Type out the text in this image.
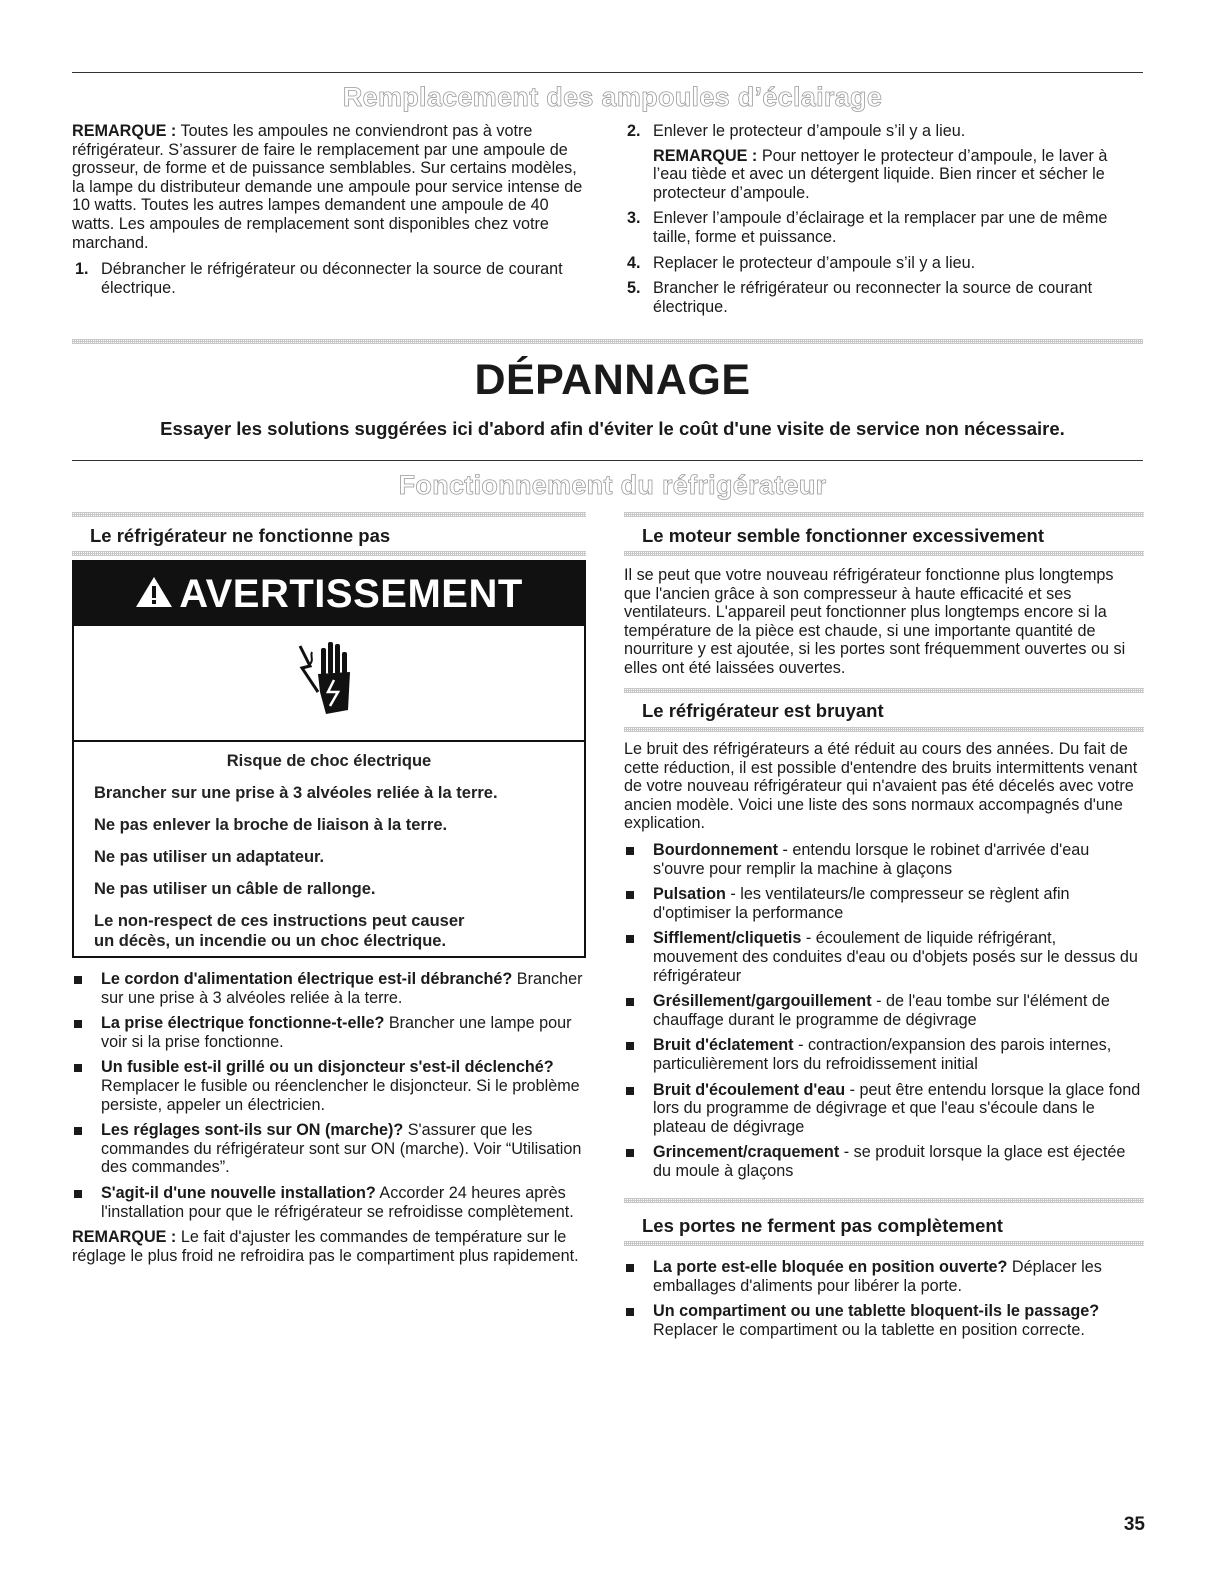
Remplacement des ampoules d’éclairage

REMARQUE : Toutes les ampoules ne conviendront pas à votre réfrigérateur. S’assurer de faire le remplacement par une ampoule de grosseur, de forme et de puissance semblables. Sur certains modèles, la lampe du distributeur demande une ampoule pour service intense de 10 watts. Toutes les autres lampes demandent une ampoule de 40 watts. Les ampoules de remplacement sont disponibles chez votre marchand.

1. Débrancher le réfrigérateur ou déconnecter la source de courant électrique.
2. Enlever le protecteur d’ampoule s’il y a lieu.
REMARQUE : Pour nettoyer le protecteur d’ampoule, le laver à l’eau tiède et avec un détergent liquide. Bien rincer et sécher le protecteur d’ampoule.
3. Enlever l’ampoule d’éclairage et la remplacer par une de même taille, forme et puissance.
4. Replacer le protecteur d’ampoule s’il y a lieu.
5. Brancher le réfrigérateur ou reconnecter la source de courant électrique.
DÉPANNAGE
Essayer les solutions suggérées ici d'abord afin d'éviter le coût d'une visite de service non nécessaire.
Fonctionnement du réfrigérateur
Le réfrigérateur ne fonctionne pas
AVERTISSEMENT
Risque de choc électrique
Brancher sur une prise à 3 alvéoles reliée à la terre.
Ne pas enlever la broche de liaison à la terre.
Ne pas utiliser un adaptateur.
Ne pas utiliser un câble de rallonge.
Le non-respect de ces instructions peut causer
un décès, un incendie ou un choc électrique.
Le cordon d'alimentation électrique est-il débranché? Brancher sur une prise à 3 alvéoles reliée à la terre.
La prise électrique fonctionne-t-elle? Brancher une lampe pour voir si la prise fonctionne.
Un fusible est-il grillé ou un disjoncteur s'est-il déclenché? Remplacer le fusible ou réenclencher le disjoncteur. Si le problème persiste, appeler un électricien.
Les réglages sont-ils sur ON (marche)? S'assurer que les commandes du réfrigérateur sont sur ON (marche). Voir “Utilisation des commandes”.
S'agit-il d'une nouvelle installation? Accorder 24 heures après l'installation pour que le réfrigérateur se refroidisse complètement.

REMARQUE : Le fait d'ajuster les commandes de température sur le réglage le plus froid ne refroidira pas le compartiment plus rapidement.

Le moteur semble fonctionner excessivement

Il se peut que votre nouveau réfrigérateur fonctionne plus longtemps que l'ancien grâce à son compresseur à haute efficacité et ses ventilateurs. L'appareil peut fonctionner plus longtemps encore si la température de la pièce est chaude, si une importante quantité de nourriture y est ajoutée, si les portes sont fréquemment ouvertes ou si elles ont été laissées ouvertes.

Le réfrigérateur est bruyant

Le bruit des réfrigérateurs a été réduit au cours des années. Du fait de cette réduction, il est possible d'entendre des bruits intermittents venant de votre nouveau réfrigérateur qui n'avaient pas été décelés avec votre ancien modèle. Voici une liste des sons normaux accompagnés d'une explication.

Bourdonnement - entendu lorsque le robinet d'arrivée d'eau s'ouvre pour remplir la machine à glaçons
Pulsation - les ventilateurs/le compresseur se règlent afin d'optimiser la performance
Sifflement/cliquetis - écoulement de liquide réfrigérant, mouvement des conduites d'eau ou d'objets posés sur le dessus du réfrigérateur
Grésillement/gargouillement - de l'eau tombe sur l'élément de chauffage durant le programme de dégivrage
Bruit d'éclatement - contraction/expansion des parois internes, particulièrement lors du refroidissement initial
Bruit d'écoulement d'eau - peut être entendu lorsque la glace fond lors du programme de dégivrage et que l'eau s'écoule dans le plateau de dégivrage
Grincement/craquement - se produit lorsque la glace est éjectée du moule à glaçons
Les portes ne ferment pas complètement
La porte est-elle bloquée en position ouverte? Déplacer les emballages d'aliments pour libérer la porte.
Un compartiment ou une tablette bloquent-ils le passage? Replacer le compartiment ou la tablette en position correcte.
35
